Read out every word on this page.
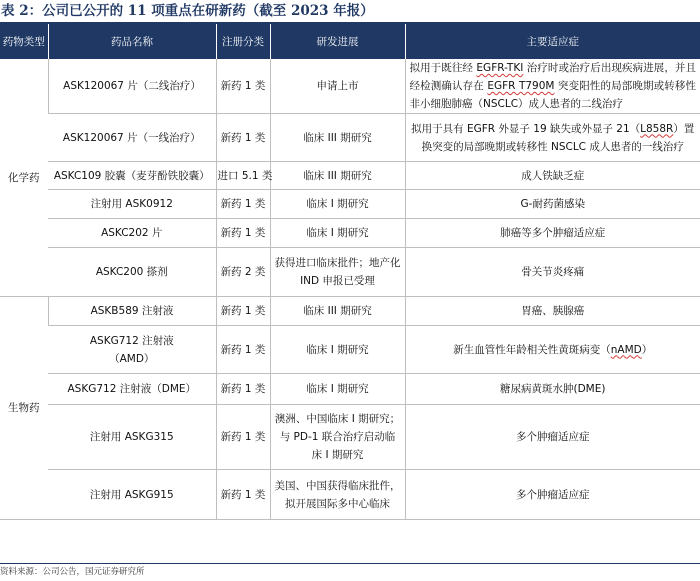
表 2：公司已公开的 11 项重点在研新药（截至 2023 年报）
药物类型	药品名称	注册分类	研发进展	主要适应症
化学药	ASK120067 片（二线治疗）	新药 1 类	申请上市	拟用于既往经 EGFR-TKI 治疗时或治疗后出现疾病进展，并且经检测确认存在 EGFR T790M 突变阳性的局部晚期或转移性非小细胞肺癌（NSCLC）成人患者的二线治疗
	ASK120067 片（一线治疗）	新药 1 类	临床 III 期研究	拟用于具有 EGFR 外显子 19 缺失或外显子 21（L858R）置换突变的局部晚期或转移性 NSCLC 成人患者的一线治疗
	ASKC109 胶囊（麦芽酚铁胶囊）	进口 5.1 类	临床 III 期研究	成人铁缺乏症
	注射用 ASK0912	新药 1 类	临床 I 期研究	G-耐药菌感染
	ASKC202 片	新药 1 类	临床 I 期研究	肺癌等多个肿瘤适应症
	ASKC200 搽剂	新药 2 类	获得进口临床批件；地产化 IND 申报已受理	骨关节炎疼痛
生物药	ASKB589 注射液	新药 1 类	临床 III 期研究	胃癌、胰腺癌
	ASKG712 注射液（AMD）	新药 1 类	临床 I 期研究	新生血管性年龄相关性黄斑病变（nAMD）
	ASKG712 注射液（DME）	新药 1 类	临床 I 期研究	糖尿病黄斑水肿(DME)
	注射用 ASKG315	新药 1 类	澳洲、中国临床 I 期研究；与 PD-1 联合治疗启动临床 I 期研究	多个肿瘤适应症
	注射用 ASKG915	新药 1 类	美国、中国获得临床批件，拟开展国际多中心临床	多个肿瘤适应症
资料来源：公司公告，国元证券研究所
